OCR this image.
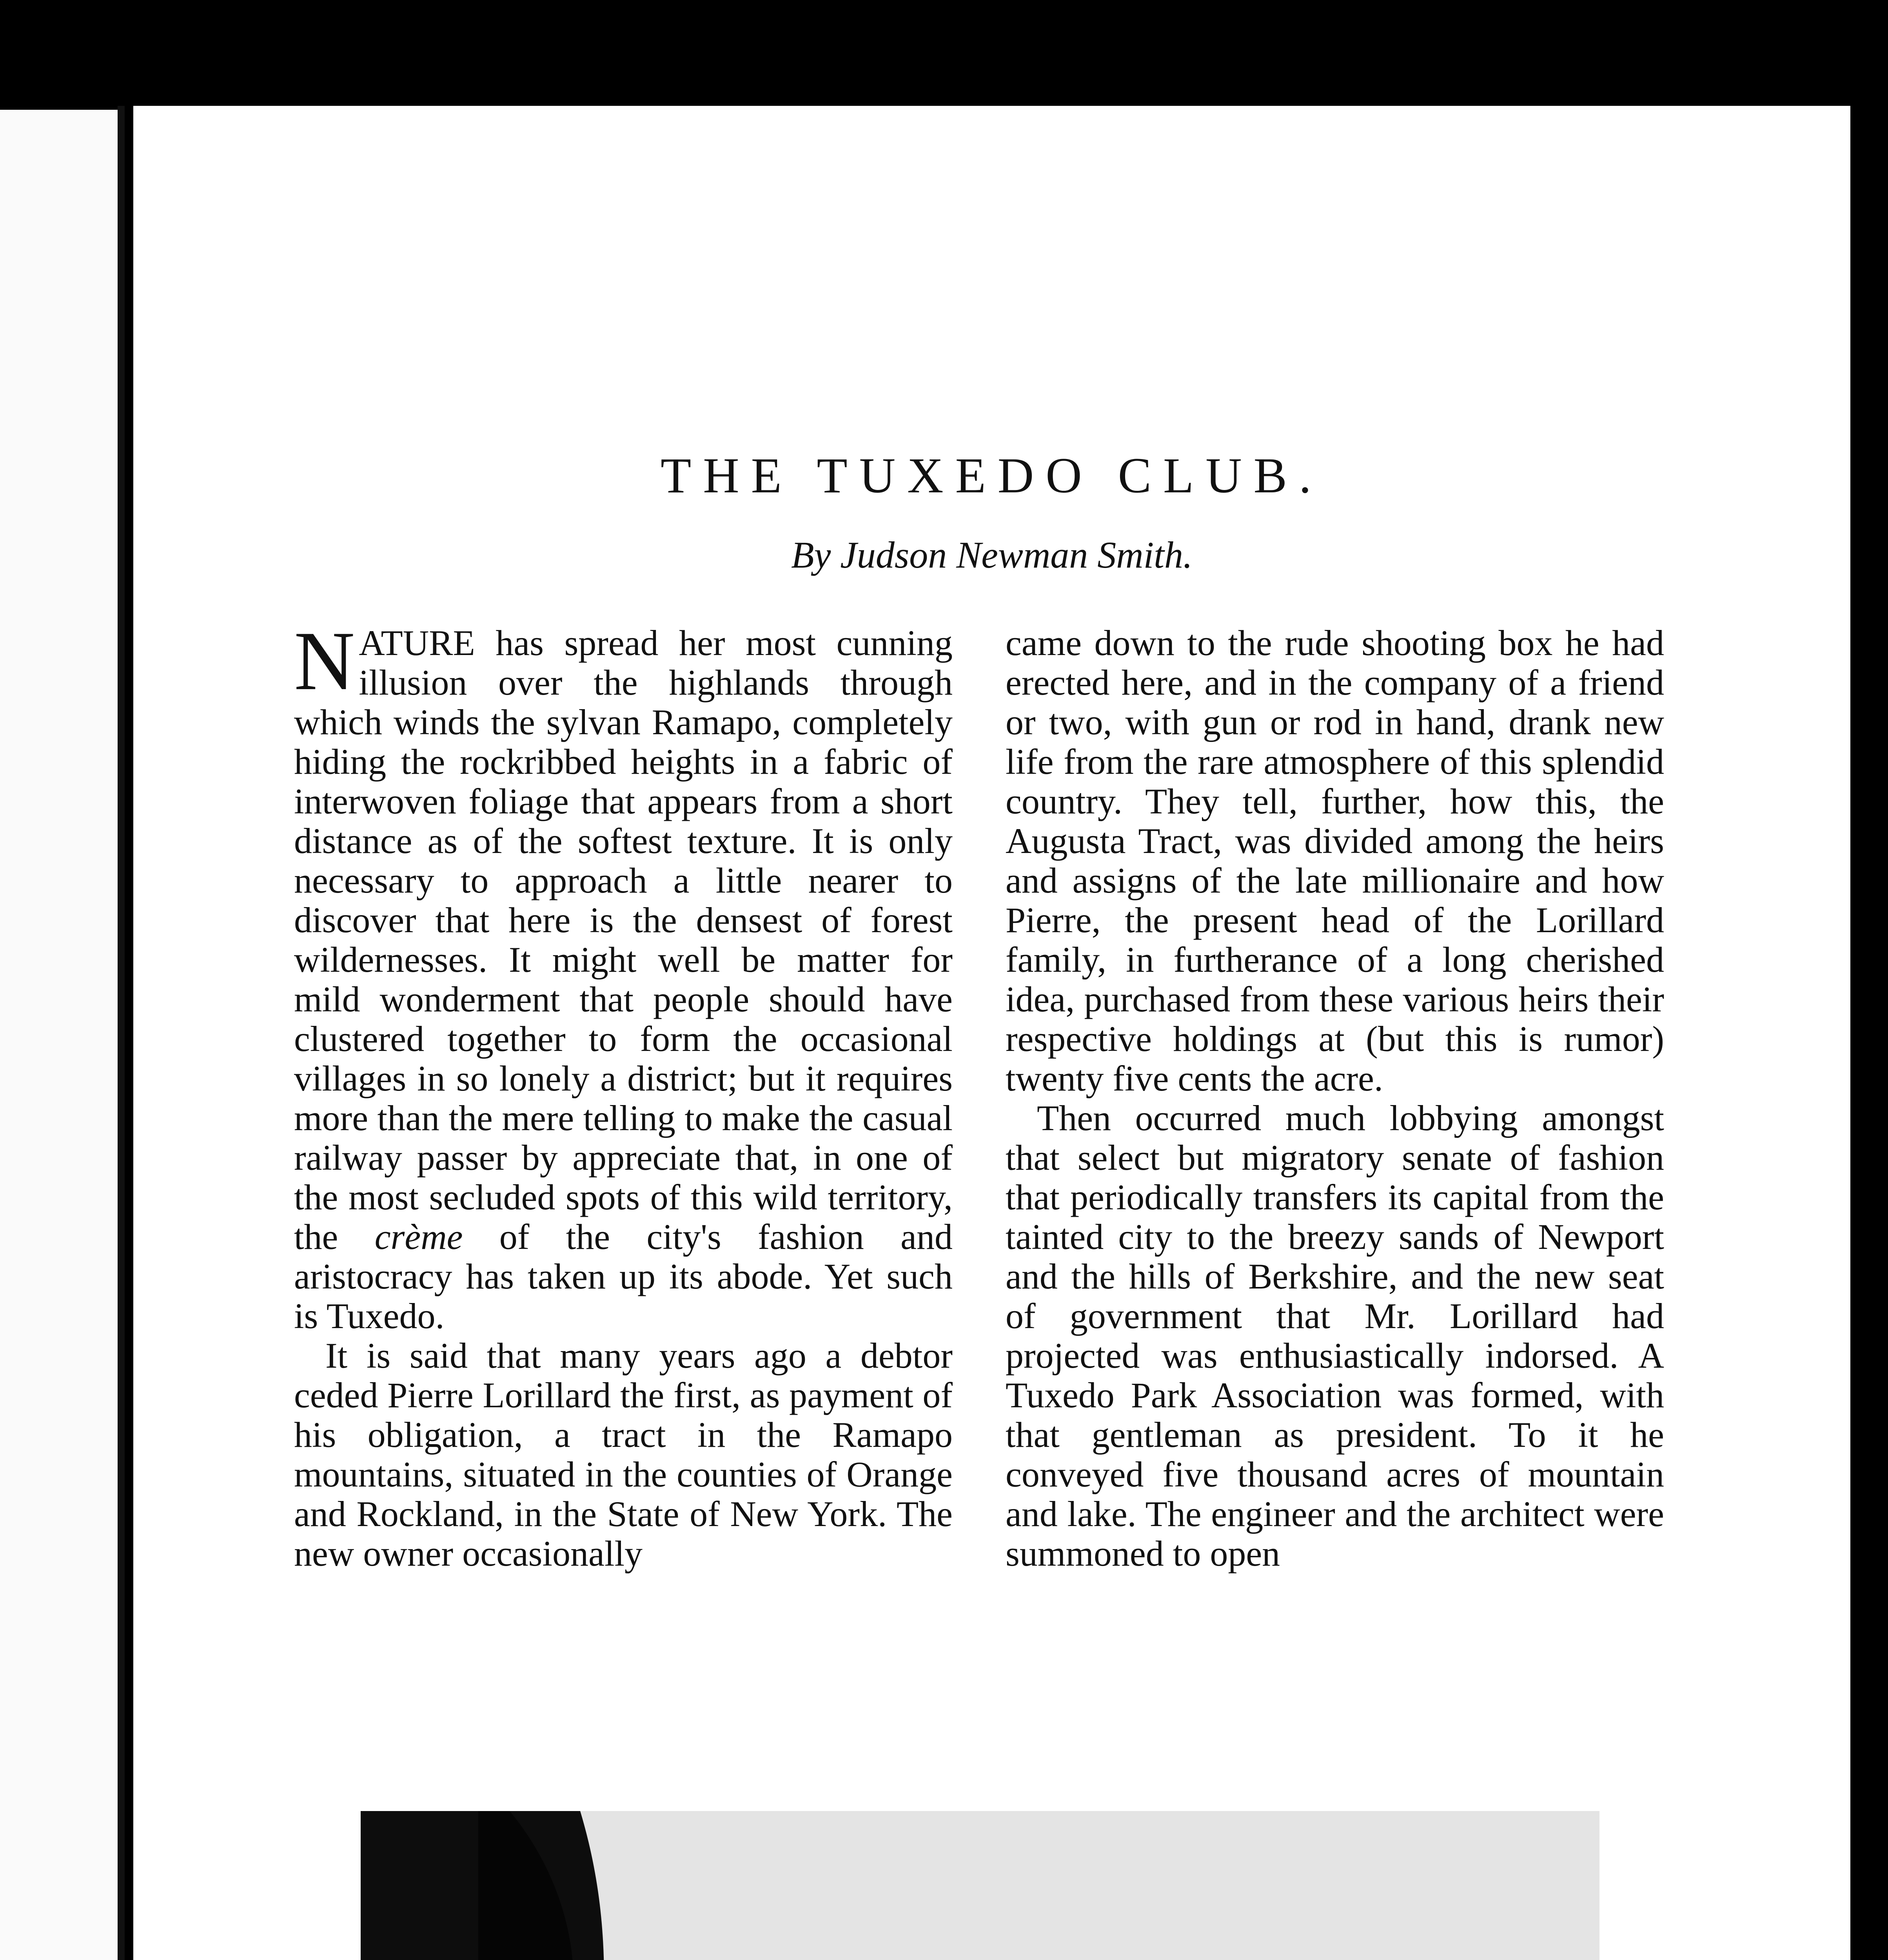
THE TUXEDO CLUB.
By Judson Newman Smith.

NATURE has spread her most cunning illusion over the highlands through which winds the sylvan Ramapo, completely hiding the rockribbed heights in a fabric of interwoven foliage that appears from a short distance as of the softest texture. It is only necessary to approach a little nearer to discover that here is the densest of forest wildernesses. It might well be matter for mild wonderment that people should have clustered together to form the occasional villages in so lonely a district; but it requires more than the mere telling to make the casual railway passer by appreciate that, in one of the most secluded spots of this wild territory, the crème of the city's fashion and aristocracy has taken up its abode. Yet such is Tuxedo.

It is said that many years ago a debtor ceded Pierre Lorillard the first, as payment of his obligation, a tract in the Ramapo mountains, situated in the counties of Orange and Rockland, in the State of New York. The new owner occasionally

came down to the rude shooting box he had erected here, and in the company of a friend or two, with gun or rod in hand, drank new life from the rare atmosphere of this splendid country. They tell, further, how this, the Augusta Tract, was divided among the heirs and assigns of the late millionaire and how Pierre, the present head of the Lorillard family, in furtherance of a long cherished idea, purchased from these various heirs their respective holdings at (but this is rumor) twenty five cents the acre.

Then occurred much lobbying amongst that select but migratory senate of fashion that periodically transfers its capital from the tainted city to the breezy sands of Newport and the hills of Berkshire, and the new seat of government that Mr. Lorillard had projected was enthusiastically indorsed. A Tuxedo Park Association was formed, with that gentleman as president. To it he conveyed five thousand acres of mountain and lake. The engineer and the architect were summoned to open
